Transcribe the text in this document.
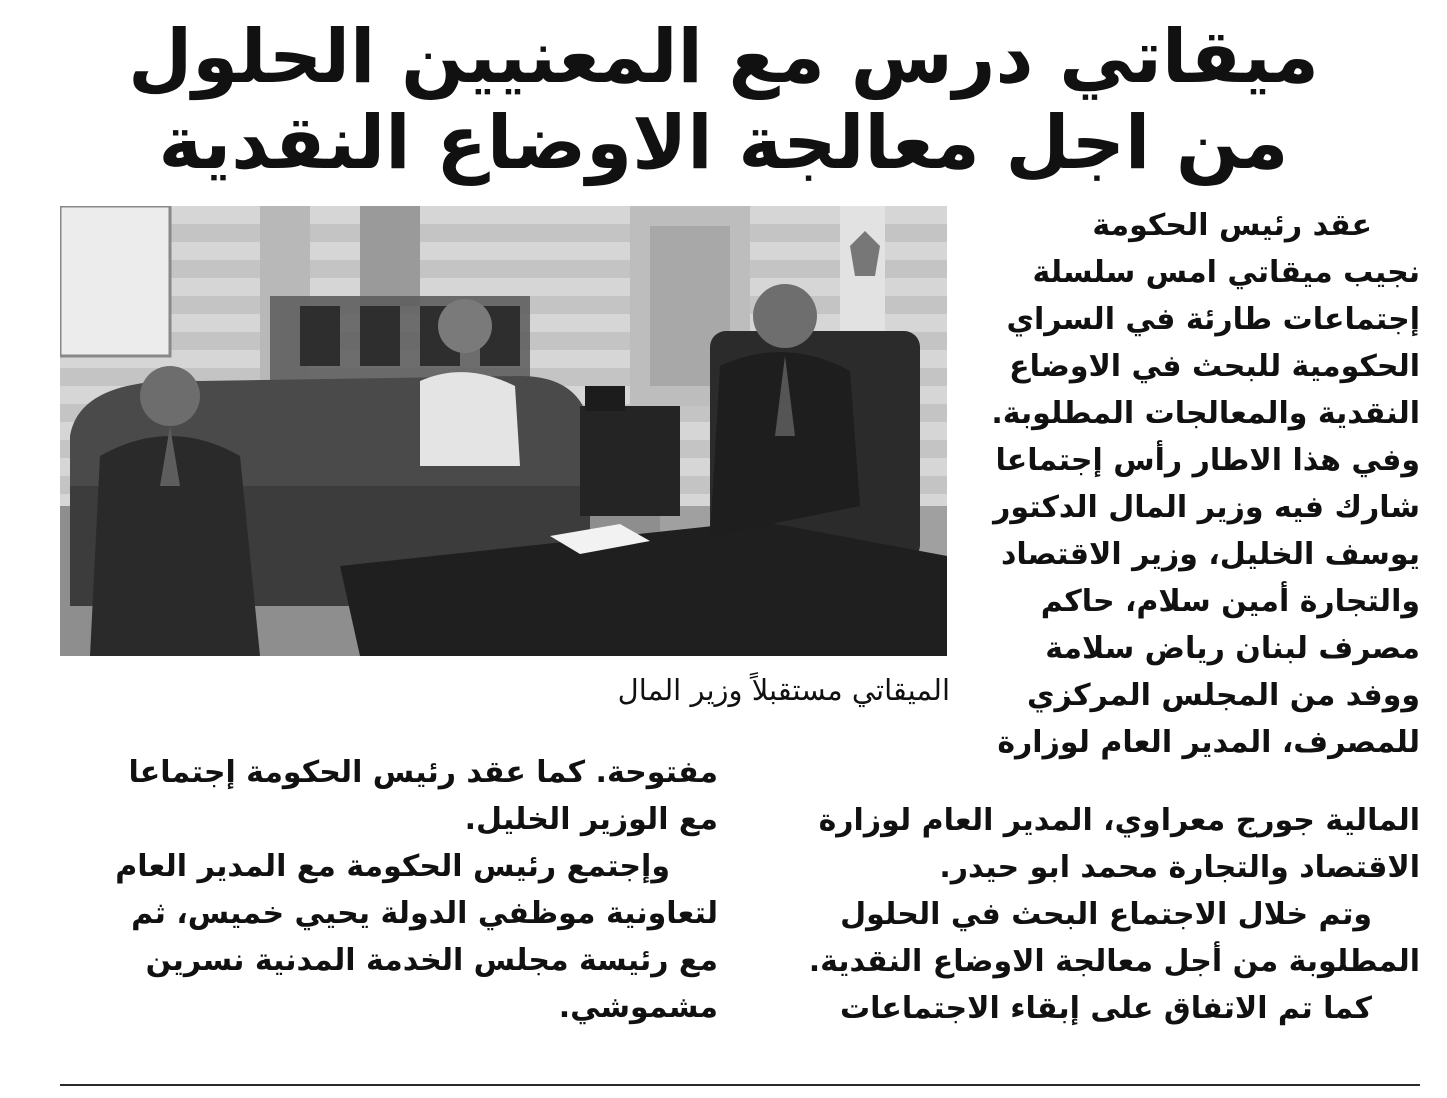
ميقاتي درس مع المعنيين الحلول
من اجل معالجة الاوضاع النقدية
الميقاتي مستقبلاً وزير المال

عقد رئيس الحكومة

نجيب ميقاتي امس سلسلة

إجتماعات طارئة في السراي

الحكومية للبحث في الاوضاع

النقدية والمعالجات المطلوبة.

وفي هذا الاطار رأس إجتماعا

شارك فيه وزير المال الدكتور

يوسف الخليل، وزير الاقتصاد

والتجارة أمين سلام، حاكم

مصرف لبنان رياض سلامة

ووفد من المجلس المركزي

للمصرف، المدير العام لوزارة

المالية جورج معراوي، المدير العام لوزارة

الاقتصاد والتجارة محمد ابو حيدر.

وتم خلال الاجتماع البحث في الحلول

المطلوبة من أجل معالجة الاوضاع النقدية.

كما تم الاتفاق على إبقاء الاجتماعات

مفتوحة. كما عقد رئيس الحكومة إجتماعا

مع الوزير الخليل.

وإجتمع رئيس الحكومة مع المدير العام

لتعاونية موظفي الدولة يحيي خميس، ثم

مع رئيسة مجلس الخدمة المدنية نسرين

مشموشي.
